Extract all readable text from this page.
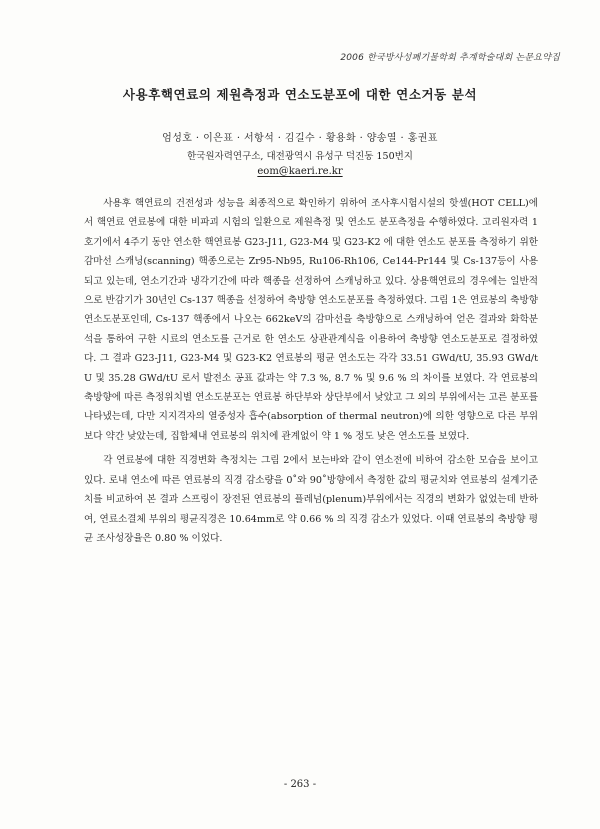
2006 한국방사성폐기물학회 추계학술대회 논문요약집
사용후핵연료의 제원측정과 연소도분포에 대한 연소거동 분석
엄성호 · 이은표 · 서항석 · 김길수 · 황용화 · 양송열 · 홍권표
한국원자력연구소, 대전광역시 유성구 덕진동 150번지
eom@kaeri.re.kr

사용후 핵연료의 건전성과 성능을 최종적으로 확인하기 위하여 조사후시험시설의 핫셀(HOT CELL)에서 핵연료 연료봉에 대한 비파괴 시험의 일환으로 제원측정 및 연소도 분포측정을 수행하였다. 고리원자력 1호기에서 4주기 동안 연소한 핵연료봉 G23-J11, G23-M4 및 G23-K2 에 대한 연소도 분포를 측정하기 위한 감마선 스캐닝(scanning) 핵종으로는 Zr95-Nb95, Ru106-Rh106, Ce144-Pr144 및 Cs-137등이 사용되고 있는데, 연소기간과 냉각기간에 따라 핵종을 선정하여 스캐닝하고 있다. 상용핵연료의 경우에는 일반적으로 반감기가 30년인 Cs-137 핵종을 선정하여 축방향 연소도분포를 측정하였다. 그림 1은 연료봉의 축방향 연소도분포인데, Cs-137 핵종에서 나오는 662keV의 감마선을 축방향으로 스캐닝하여 얻은 결과와 화학분석을 통하여 구한 시료의 연소도를 근거로 한 연소도 상관관계식을 이용하여 축방향 연소도분포로 결정하였다. 그 결과 G23-J11, G23-M4 및 G23-K2 연료봉의 평균 연소도는 각각 33.51 GWd/tU, 35.93 GWd/tU 및 35.28 GWd/tU 로서 발전소 공표 값과는 약 7.3 %, 8.7 % 및 9.6 % 의 차이를 보였다. 각 연료봉의 축방향에 따른 측정위치별 연소도분포는 연료봉 하단부와 상단부에서 낮았고 그 외의 부위에서는 고른 분포를 나타냈는데, 다만 지지격자의 열중성자 흡수(absorption of thermal neutron)에 의한 영향으로 다른 부위 보다 약간 낮았는데, 집합체내 연료봉의 위치에 관계없이 약 1 % 정도 낮은 연소도를 보였다.

각 연료봉에 대한 직경변화 측정치는 그림 2에서 보는바와 같이 연소전에 비하여 감소한 모습을 보이고 있다. 로내 연소에 따른 연료봉의 직경 감소량을 0˚와 90˚방향에서 측정한 값의 평균치와 연료봉의 설계기준치를 비교하여 본 결과 스프링이 장전된 연료봉의 플레넘(plenum)부위에서는 직경의 변화가 없었는데 반하여, 연료소결체 부위의 평균직경은 10.64mm로 약 0.66 % 의 직경 감소가 있었다. 이때 연료봉의 축방향 평균 조사성장율은 0.80 % 이었다.

- 263 -
